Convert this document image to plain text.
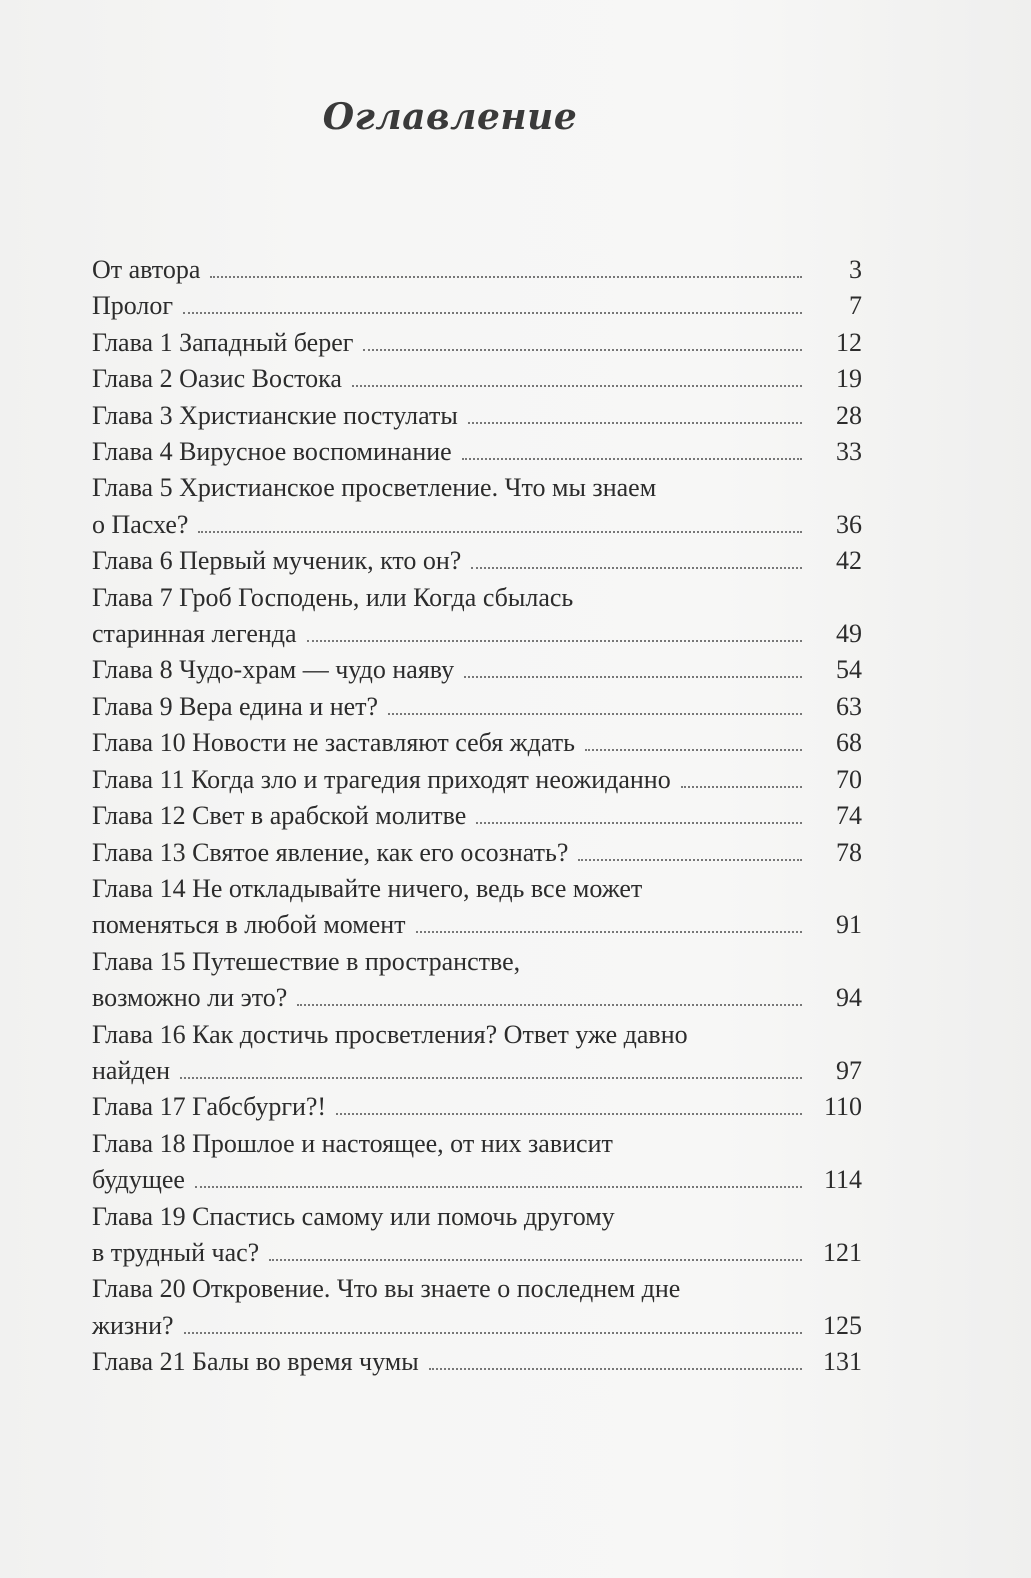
Оглавление
От автора	3
Пролог	7
Глава 1 Западный берег	12
Глава 2 Оазис Востока	19
Глава 3 Христианские постулаты	28
Глава 4 Вирусное воспоминание	33
Глава 5 Христианское просветление. Что мы знаем
о Пасхе?	36
Глава 6 Первый мученик, кто он?	42
Глава 7 Гроб Господень, или Когда сбылась
старинная легенда	49
Глава 8 Чудо-храм — чудо наяву	54
Глава 9 Вера едина и нет?	63
Глава 10 Новости не заставляют себя ждать	68
Глава 11 Когда зло и трагедия приходят неожиданно	70
Глава 12 Свет в арабской молитве	74
Глава 13 Святое явление, как его осознать?	78
Глава 14 Не откладывайте ничего, ведь все может
поменяться в любой момент	91
Глава 15 Путешествие в пространстве,
возможно ли это?	94
Глава 16 Как достичь просветления? Ответ уже давно
найден	97
Глава 17 Габсбурги?!	110
Глава 18 Прошлое и настоящее, от них зависит
будущее	114
Глава 19 Спастись самому или помочь другому
в трудный час?	121
Глава 20 Откровение. Что вы знаете о последнем дне
жизни?	125
Глава 21 Балы во время чумы	131
